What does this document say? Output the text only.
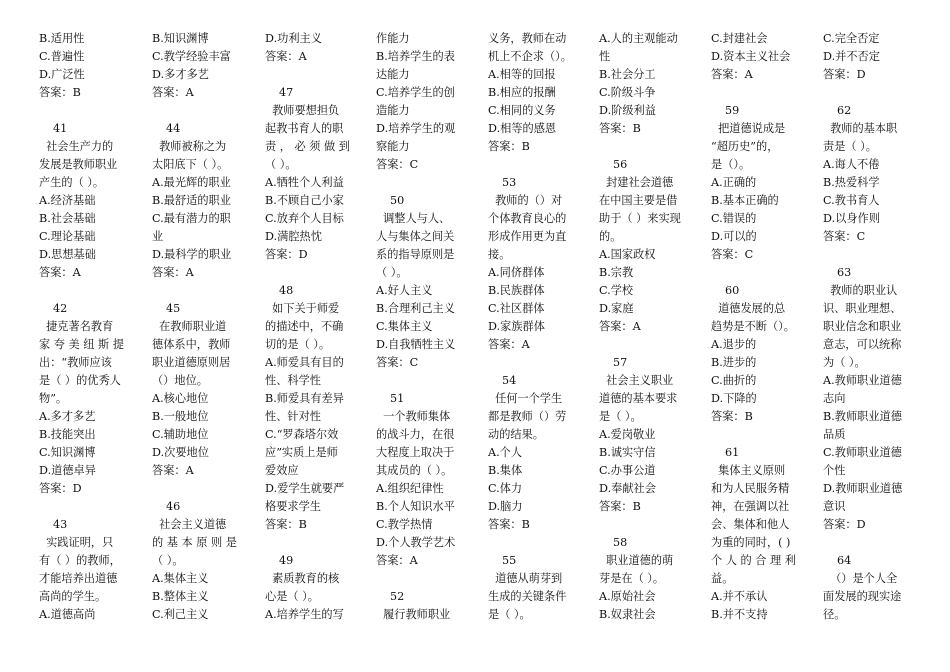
B.适用性
C.普遍性
D.广泛性
答案：B
41
社会生产力的
发展是教师职业
产生的（ ）。
A.经济基础
B.社会基础
C.理论基础
D.思想基础
答案：A
42
捷克著名教育
家 夸 美 纽 斯 提
出：“教师应该
是（ ）的优秀人
物”。
A.多才多艺
B.技能突出
C.知识渊博
D.道德卓异
答案：D
43
实践证明，只
有（ ）的教师，
才能培养出道德
高尚的学生。
A.道德高尚
B.知识渊博
C.教学经验丰富
D.多才多艺
答案：A
44
教师被称之为
太阳底下（ ）。
A.最光辉的职业
B.最舒适的职业
C.最有潜力的职
业
D.最科学的职业
答案：A
45
在教师职业道
德体系中，教师
职业道德原则居
（）地位。
A.核心地位
B.一般地位
C.辅助地位
D.次要地位
答案：A
46
社会主义道德
的 基 本 原 则 是
（ ）。
A.集体主义
B.整体主义
C.利己主义
D.功利主义
答案：A
47
教师要想担负
起教书育人的职
责 ， 必 须 做 到
（ ）。
A.牺牲个人利益
B.不顾自己小家
C.放弃个人目标
D.满腔热忱
答案：D
48
如下关于师爱
的描述中，不确
切的是（ ）。
A.师爱具有目的
性、科学性
B.师爱具有差异
性、针对性
C.“罗森塔尔效
应”实质上是师
爱效应
D.爱学生就要严
格要求学生
答案：B
49
素质教育的核
心是（ ）。
A.培养学生的写
作能力
B.培养学生的表
达能力
C.培养学生的创
造能力
D.培养学生的观
察能力
答案：C
50
调整人与人、
人与集体之间关
系的指导原则是
（ ）。
A.好人主义
B.合理利己主义
C.集体主义
D.自我牺牲主义
答案：C
51
一个教师集体
的战斗力，在很
大程度上取决于
其成员的（ ）。
A.组织纪律性
B.个人知识水平
C.教学热情
D.个人教学艺术
答案：A
52
履行教师职业
义务，教师在动
机上不企求（）。
A.相等的回报
B.相应的报酬
C.相同的义务
D.相等的感恩
答案：B
53
教师的（）对
个体教育良心的
形成作用更为直
接。
A.同侪群体
B.民族群体
C.社区群体
D.家族群体
答案：A
54
任何一个学生
都是教师（）劳
动的结果。
A.个人
B.集体
C.体力
D.脑力
答案：B
55
道德从萌芽到
生成的关键条件
是（ ）。
A.人的主观能动
性
B.社会分工
C.阶级斗争
D.阶级利益
答案：B
56
封建社会道德
在中国主要是借
助于（ ）来实现
的。
A.国家政权
B.宗教
C.学校
D.家庭
答案：A
57
社会主义职业
道德的基本要求
是（ ）。
A.爱岗敬业
B.诚实守信
C.办事公道
D.奉献社会
答案：B
58
职业道德的萌
芽是在（ ）。
A.原始社会
B.奴隶社会
C.封建社会
D.资本主义社会
答案：A
59
把道德说成是
“超历史”的，
是（）。
A.正确的
B.基本正确的
C.错误的
D.可以的
答案：C
60
道德发展的总
趋势是不断（）。
A.退步的
B.进步的
C.曲折的
D.下降的
答案：B
61
集体主义原则
和为人民服务精
神，在强调以社
会、集体和他人
为重的同时，( )
个 人 的 合 理 利
益。
A.并不承认
B.并不支持
C.完全否定
D.并不否定
答案：D
62
教师的基本职
责是（ ）。
A.诲人不倦
B.热爱科学
C.教书育人
D.以身作则
答案：C
63
教师的职业认
识、职业理想、
职业信念和职业
意志，可以统称
为（ ）。
A.教师职业道德
志向
B.教师职业道德
品质
C.教师职业道德
个性
D.教师职业道德
意识
答案：D
64
（）是个人全
面发展的现实途
径。
